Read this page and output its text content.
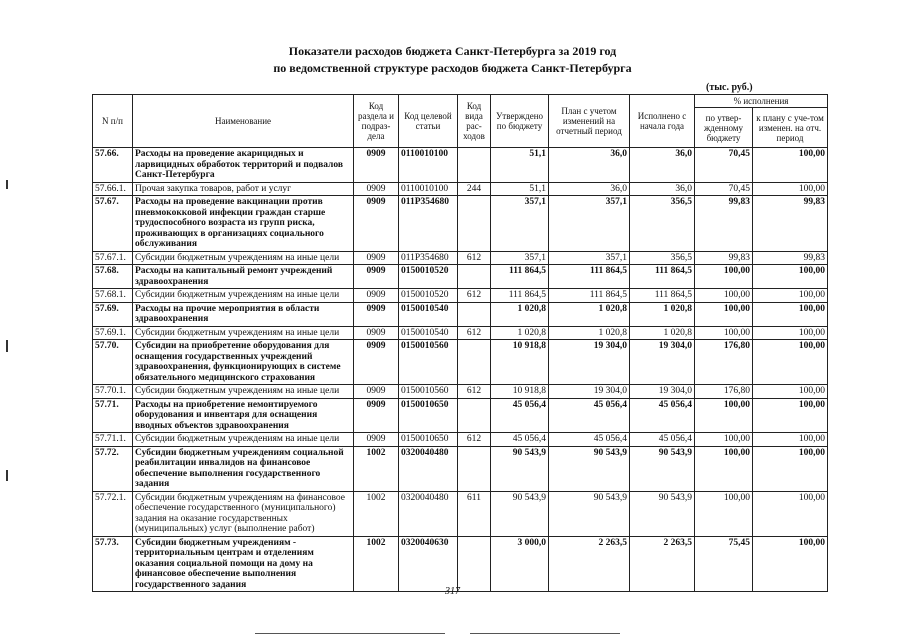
Показатели расходов бюджета Санкт-Петербурга за 2019 год
по ведомственной структуре расходов бюджета Санкт-Петербурга
(тыс. руб.)
N п/п	Наименование	Код раздела и подраз-дела	Код целевой статьи	Код вида рас-ходов	Утверждено по бюджету	План с учетом изменений на отчетный период	Исполнено с начала года	% исполнения	
								по утвер-жденному бюджету	к плану с уче-том изменен. на отч. период
57.66.	Расходы на проведение акарицидных и ларвицидных обработок территорий и подвалов Санкт-Петербурга	0909	0110010100		51,1	36,0	36,0	70,45	100,00
57.66.1.	Прочая закупка товаров, работ и услуг	0909	0110010100	244	51,1	36,0	36,0	70,45	100,00
57.67.	Расходы на проведение вакцинации против пневмококковой инфекции граждан старше трудоспособного возраста из групп риска, проживающих в организациях социального обслуживания	0909	011P354680		357,1	357,1	356,5	99,83	99,83
57.67.1.	Субсидии бюджетным учреждениям на иные цели	0909	011P354680	612	357,1	357,1	356,5	99,83	99,83
57.68.	Расходы на капитальный ремонт учреждений здравоохранения	0909	0150010520		111 864,5	111 864,5	111 864,5	100,00	100,00
57.68.1.	Субсидии бюджетным учреждениям на иные цели	0909	0150010520	612	111 864,5	111 864,5	111 864,5	100,00	100,00
57.69.	Расходы на прочие мероприятия в области здравоохранения	0909	0150010540		1 020,8	1 020,8	1 020,8	100,00	100,00
57.69.1.	Субсидии бюджетным учреждениям на иные цели	0909	0150010540	612	1 020,8	1 020,8	1 020,8	100,00	100,00
57.70.	Субсидии на приобретение оборудования для оснащения государственных учреждений здравоохранения, функционирующих в системе обязательного медицинского страхования	0909	0150010560		10 918,8	19 304,0	19 304,0	176,80	100,00
57.70.1.	Субсидии бюджетным учреждениям на иные цели	0909	0150010560	612	10 918,8	19 304,0	19 304,0	176,80	100,00
57.71.	Расходы на приобретение немонтируемого оборудования и инвентаря для оснащения вводных объектов здравоохранения	0909	0150010650		45 056,4	45 056,4	45 056,4	100,00	100,00
57.71.1.	Субсидии бюджетным учреждениям на иные цели	0909	0150010650	612	45 056,4	45 056,4	45 056,4	100,00	100,00
57.72.	Субсидии бюджетным учреждениям социальной реабилитации инвалидов на финансовое обеспечение выполнения государственного задания	1002	0320040480		90 543,9	90 543,9	90 543,9	100,00	100,00
57.72.1.	Субсидии бюджетным учреждениям на финансовое обеспечение государственного (муниципального) задания на оказание государственных (муниципальных) услуг (выполнение работ)	1002	0320040480	611	90 543,9	90 543,9	90 543,9	100,00	100,00
57.73.	Субсидии бюджетным учреждениям - территориальным центрам и отделениям оказания социальной помощи на дому на финансовое обеспечение выполнения государственного задания	1002	0320040630		3 000,0	2 263,5	2 263,5	75,45	100,00
317
